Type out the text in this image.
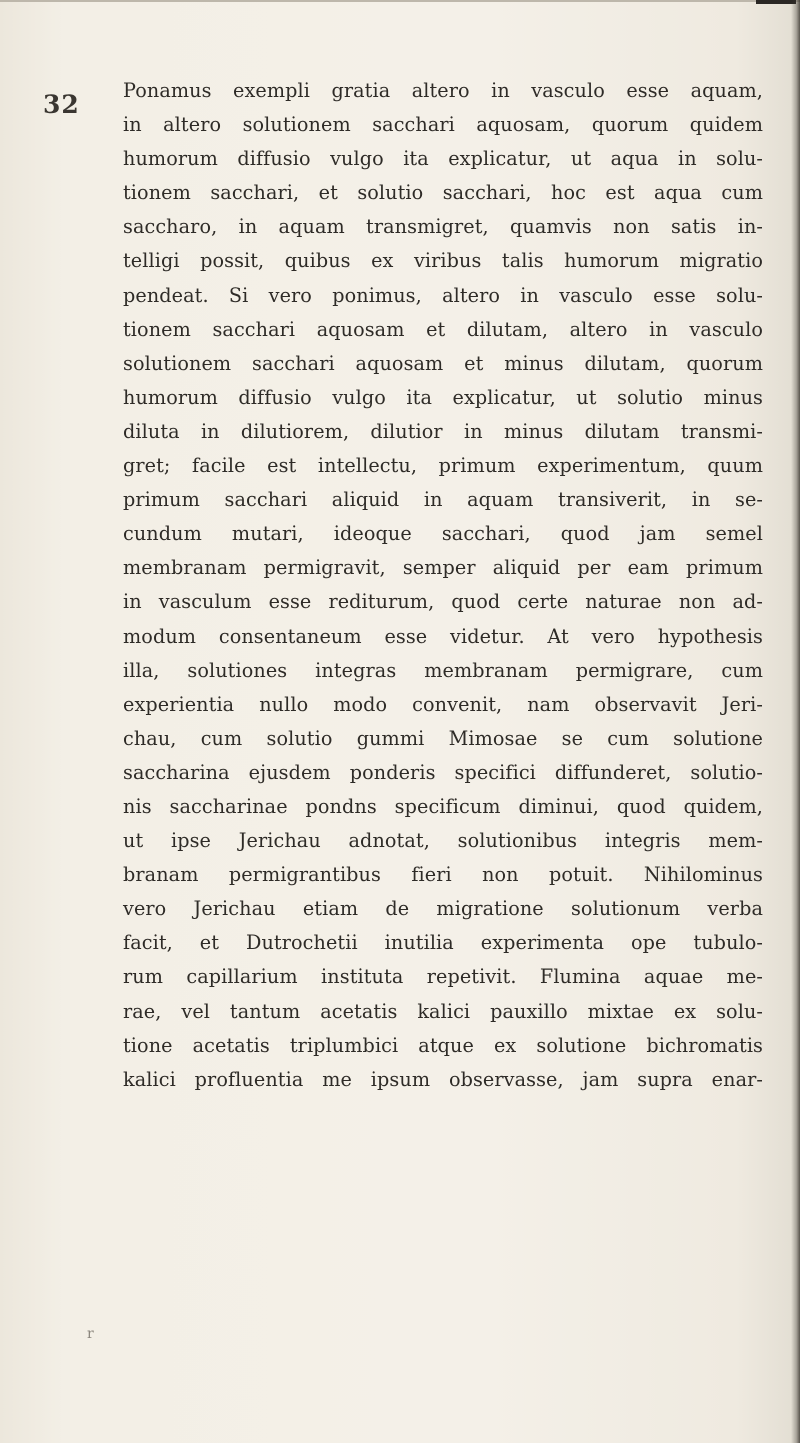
32 Ponamus exempli gratia altero in vasculo esse aquam,
in altero solutionem sacchari aquosam, quorum quidem
humorum diffusio vulgo ita explicatur, ut aqua in solu-
tionem sacchari, et solutio sacchari, hoc est aqua cum
saccharo, in aquam transmigret, quamvis non satis in-
telligi possit, quibus ex viribus talis humorum migratio
pendeat. Si vero ponimus, altero in vasculo esse solu-
tionem sacchari aquosam et dilutam, altero in vasculo
solutionem sacchari aquosam et minus dilutam, quorum
humorum diffusio vulgo ita explicatur, ut solutio minus
diluta in dilutiorem, dilutior in minus dilutam transmi-
gret; facile est intellectu, primum experimentum, quum
primum sacchari aliquid in aquam transiverit, in se-
cundum mutari, ideoque sacchari, quod jam semel
membranam permigravit, semper aliquid per eam primum
in vasculum esse rediturum, quod certe naturae non ad-
modum consentaneum esse videtur. At vero hypothesis
illa, solutiones integras membranam permigrare, cum
experientia nullo modo convenit, nam observavit Jeri-
chau, cum solutio gummi Mimosae se cum solutione
saccharina ejusdem ponderis specifici diffunderet, solutio-
nis saccharinae pondns specificum diminui, quod quidem,
ut ipse Jerichau adnotat, solutionibus integris mem-
branam permigrantibus fieri non potuit. Nihilominus
vero Jerichau etiam de migratione solutionum verba
facit, et Dutrochetii inutilia experimenta ope tubulo-
rum capillarium instituta repetivit. Flumina aquae me-
rae, vel tantum acetatis kalici pauxillo mixtae ex solu-
tione acetatis triplumbici atque ex solutione bichromatis
kalici profluentia me ipsum observasse, jam supra enar-
r
